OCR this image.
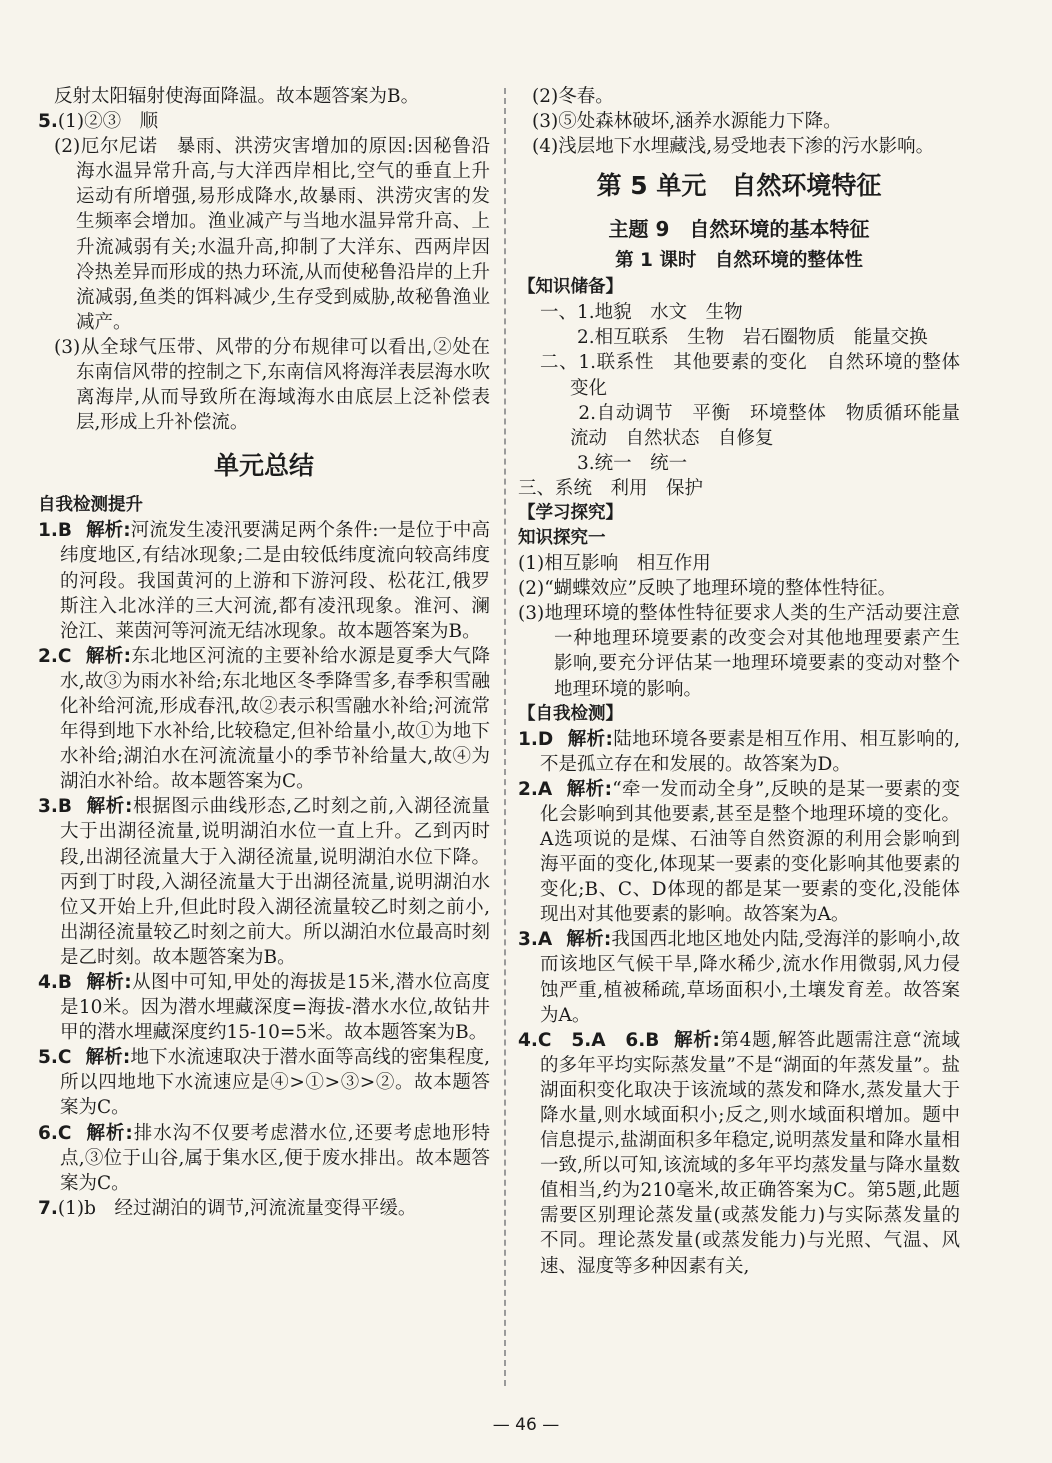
反射太阳辐射使海面降温。故本题答案为B。

5.(1)②③　顺

(2)厄尔尼诺　暴雨、洪涝灾害增加的原因:因秘鲁沿海水温异常升高,与大洋西岸相比,空气的垂直上升运动有所增强,易形成降水,故暴雨、洪涝灾害的发生频率会增加。渔业减产与当地水温异常升高、上升流减弱有关;水温升高,抑制了大洋东、西两岸因冷热差异而形成的热力环流,从而使秘鲁沿岸的上升流减弱,鱼类的饵料减少,生存受到威胁,故秘鲁渔业减产。

(3)从全球气压带、风带的分布规律可以看出,②处在东南信风带的控制之下,东南信风将海洋表层海水吹离海岸,从而导致所在海域海水由底层上泛补偿表层,形成上升补偿流。

单元总结

自我检测提升

1.B 解析:河流发生凌汛要满足两个条件:一是位于中高纬度地区,有结冰现象;二是由较低纬度流向较高纬度的河段。我国黄河的上游和下游河段、松花江,俄罗斯注入北冰洋的三大河流,都有凌汛现象。淮河、澜沧江、莱茵河等河流无结冰现象。故本题答案为B。

2.C 解析:东北地区河流的主要补给水源是夏季大气降水,故③为雨水补给;东北地区冬季降雪多,春季积雪融化补给河流,形成春汛,故②表示积雪融水补给;河流常年得到地下水补给,比较稳定,但补给量小,故①为地下水补给;湖泊水在河流流量小的季节补给量大,故④为湖泊水补给。故本题答案为C。

3.B 解析:根据图示曲线形态,乙时刻之前,入湖径流量大于出湖径流量,说明湖泊水位一直上升。乙到丙时段,出湖径流量大于入湖径流量,说明湖泊水位下降。丙到丁时段,入湖径流量大于出湖径流量,说明湖泊水位又开始上升,但此时段入湖径流量较乙时刻之前小,出湖径流量较乙时刻之前大。所以湖泊水位最高时刻是乙时刻。故本题答案为B。

4.B 解析:从图中可知,甲处的海拔是15米,潜水位高度是10米。因为潜水埋藏深度=海拔-潜水水位,故钻井甲的潜水埋藏深度约15-10=5米。故本题答案为B。

5.C 解析:地下水流速取决于潜水面等高线的密集程度,所以四地地下水流速应是④>①>③>②。故本题答案为C。

6.C 解析:排水沟不仅要考虑潜水位,还要考虑地形特点,③位于山谷,属于集水区,便于废水排出。故本题答案为C。

7.(1)b　经过湖泊的调节,河流流量变得平缓。

(2)冬春。

(3)⑤处森林破坏,涵养水源能力下降。

(4)浅层地下水埋藏浅,易受地表下渗的污水影响。

第 5 单元　自然环境特征
主题 9　自然环境的基本特征
第 1 课时　自然环境的整体性

【知识储备】

一、1.地貌　水文　生物

　　2.相互联系　生物　岩石圈物质　能量交换

二、1.联系性　其他要素的变化　自然环境的整体变化

　　2.自动调节　平衡　环境整体　物质循环能量流动　自然状态　自修复

　　3.统一　统一

三、系统　利用　保护

【学习探究】

知识探究一

(1)相互影响　相互作用

(2)“蝴蝶效应”反映了地理环境的整体性特征。

(3)地理环境的整体性特征要求人类的生产活动要注意一种地理环境要素的改变会对其他地理要素产生影响,要充分评估某一地理环境要素的变动对整个地理环境的影响。

【自我检测】

1.D 解析:陆地环境各要素是相互作用、相互影响的,不是孤立存在和发展的。故答案为D。

2.A 解析:“牵一发而动全身”,反映的是某一要素的变化会影响到其他要素,甚至是整个地理环境的变化。A选项说的是煤、石油等自然资源的利用会影响到海平面的变化,体现某一要素的变化影响其他要素的变化;B、C、D体现的都是某一要素的变化,没能体现出对其他要素的影响。故答案为A。

3.A 解析:我国西北地区地处内陆,受海洋的影响小,故而该地区气候干旱,降水稀少,流水作用微弱,风力侵蚀严重,植被稀疏,草场面积小,土壤发育差。故答案为A。

4.C　5.A　6.B 解析:第4题,解答此题需注意“流域的多年平均实际蒸发量”不是“湖面的年蒸发量”。盐湖面积变化取决于该流域的蒸发和降水,蒸发量大于降水量,则水域面积小;反之,则水域面积增加。题中信息提示,盐湖面积多年稳定,说明蒸发量和降水量相一致,所以可知,该流域的多年平均蒸发量与降水量数值相当,约为210毫米,故正确答案为C。第5题,此题需要区别理论蒸发量(或蒸发能力)与实际蒸发量的不同。理论蒸发量(或蒸发能力)与光照、气温、风速、湿度等多种因素有关,

— 46 —
